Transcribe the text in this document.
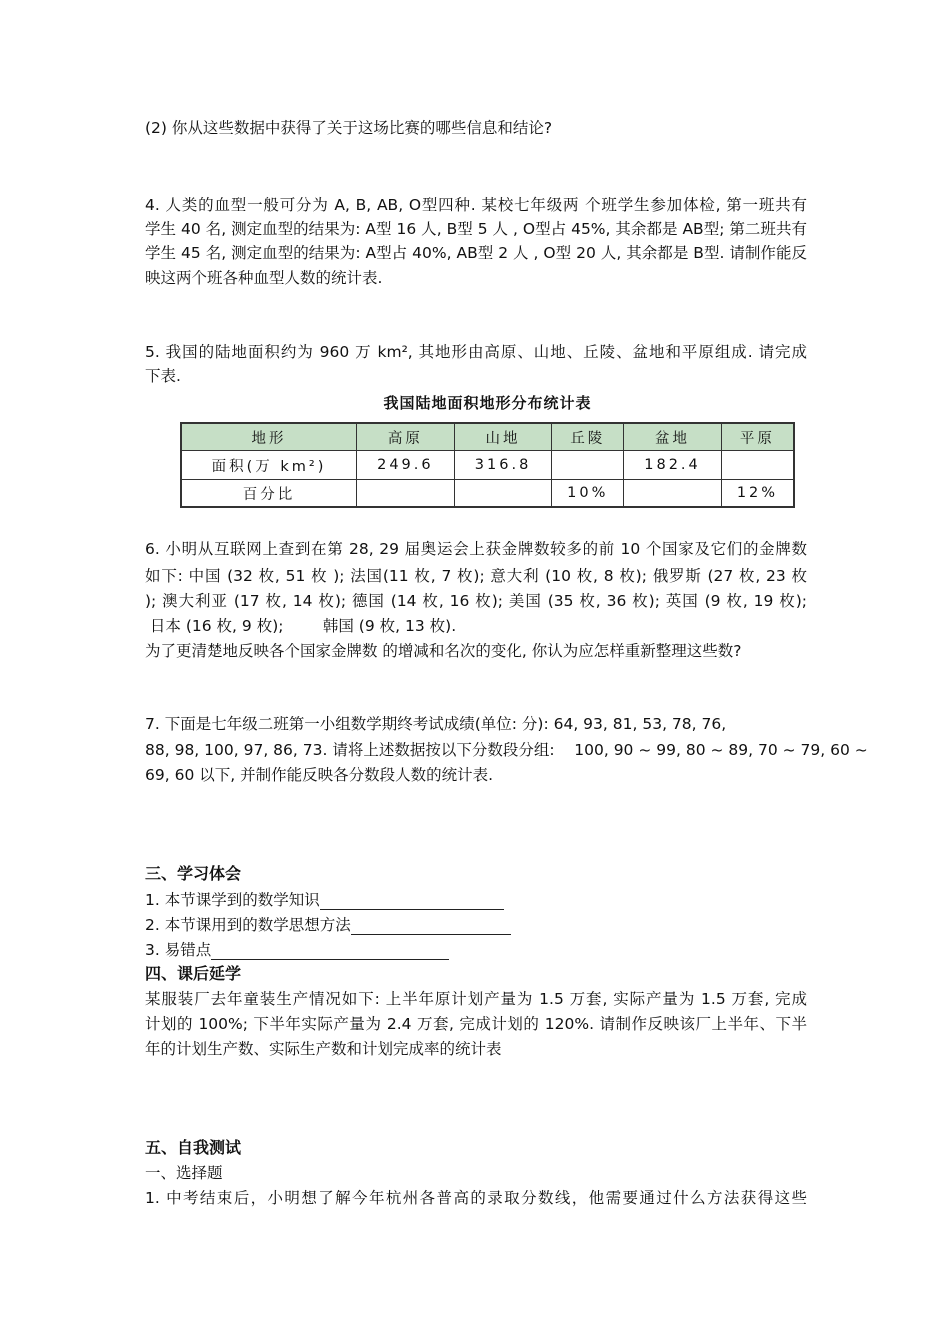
(2) 你从这些数据中获得了关于这场比赛的哪些信息和结论?
4. 人类的血型一般可分为 A, B, AB, O型四种. 某校七年级两 个班学生参加体检, 第一班共有
学生 40 名, 测定血型的结果为: A型 16 人, B型 5 人 , O型占 45%, 其余都是 AB型; 第二班共有
学生 45 名, 测定血型的结果为: A型占 40%, AB型 2 人 , O型 20 人, 其余都是 B型. 请制作能反
映这两个班各种血型人数的统计表.
5. 我国的陆地面积约为 960 万 km², 其地形由高原、山地、丘陵、盆地和平原组成. 请完成
下表.
我国陆地面积地形分布统计表
地形	高原	山地	丘陵	盆地	平原
面积(万 km²)	249.6	316.8		182.4	
百分比			10%		12%
6. 小明从互联网上查到在第 28, 29 届奥运会上获金牌数较多的前 10 个国家及它们的金牌数
如下: 中国 (32 枚, 51 枚 ); 法国(11 枚, 7 枚); 意大利 (10 枚, 8 枚); 俄罗斯 (27 枚, 23 枚
); 澳大利亚 (17 枚, 14 枚); 德国 (14 枚, 16 枚); 美国 (35 枚, 36 枚); 英国 (9 枚, 19 枚);
日本 (16 枚, 9 枚);        韩国 (9 枚, 13 枚).
为了更清楚地反映各个国家金牌数 的增减和名次的变化, 你认为应怎样重新整理这些数?
7. 下面是七年级二班第一小组数学期终考试成绩(单位: 分): 64, 93, 81, 53, 78, 76,
88, 98, 100, 97, 86, 73. 请将上述数据按以下分数段分组:    100, 90 ~ 99, 80 ~ 89, 70 ~ 79, 60 ~
69, 60 以下, 并制作能反映各分数段人数的统计表.
三、学习体会
1. 本节课学到的数学知识
2. 本节课用到的数学思想方法
3. 易错点
四、课后延学
某服装厂去年童装生产情况如下: 上半年原计划产量为 1.5 万套, 实际产量为 1.5 万套, 完成
计划的 100%; 下半年实际产量为 2.4 万套, 完成计划的 120%. 请制作反映该厂上半年、下半
年的计划生产数、实际生产数和计划完成率的统计表
五、自我测试
一、选择题
1. 中考结束后，小明想了解今年杭州各普高的录取分数线，他需要通过什么方法获得这些
